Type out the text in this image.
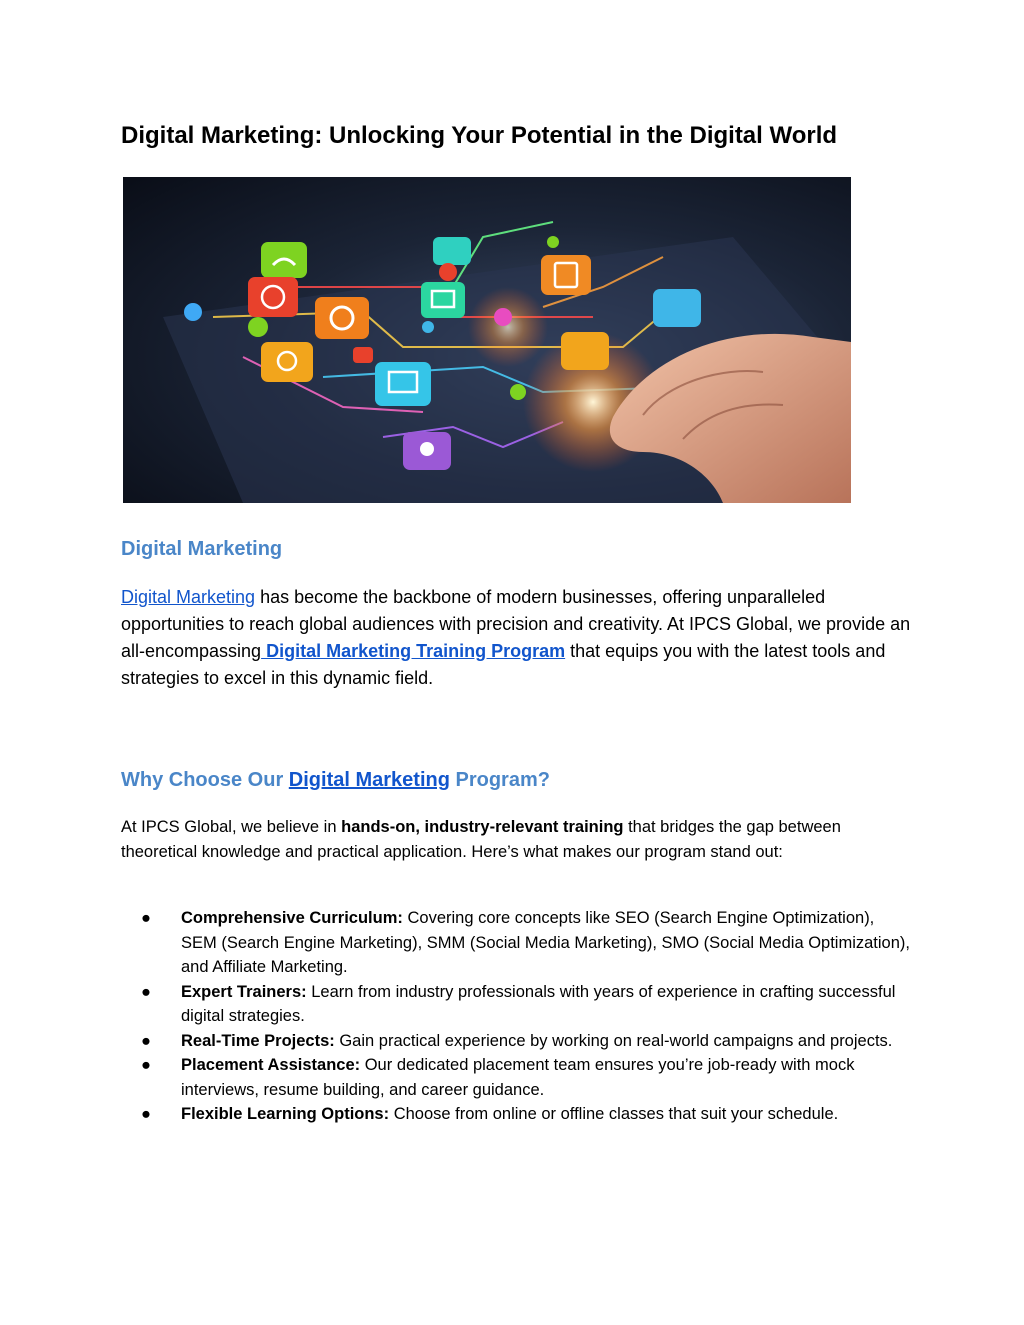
Digital Marketing: Unlocking Your Potential in the Digital World
Digital Marketing

Digital Marketing has become the backbone of modern businesses, offering unparalleled opportunities to reach global audiences with precision and creativity. At IPCS Global, we provide an all-encompassing Digital Marketing Training Program that equips you with the latest tools and strategies to excel in this dynamic field.

Why Choose Our Digital Marketing Program?

At IPCS Global, we believe in hands-on, industry-relevant training that bridges the gap between theoretical knowledge and practical application. Here’s what makes our program stand out:

● Comprehensive Curriculum: Covering core concepts like SEO (Search Engine Optimization), SEM (Search Engine Marketing), SMM (Social Media Marketing), SMO (Social Media Optimization), and Affiliate Marketing.
● Expert Trainers: Learn from industry professionals with years of experience in crafting successful digital strategies.
● Real-Time Projects: Gain practical experience by working on real-world campaigns and projects.
● Placement Assistance: Our dedicated placement team ensures you’re job-ready with mock interviews, resume building, and career guidance.
● Flexible Learning Options: Choose from online or offline classes that suit your schedule.
